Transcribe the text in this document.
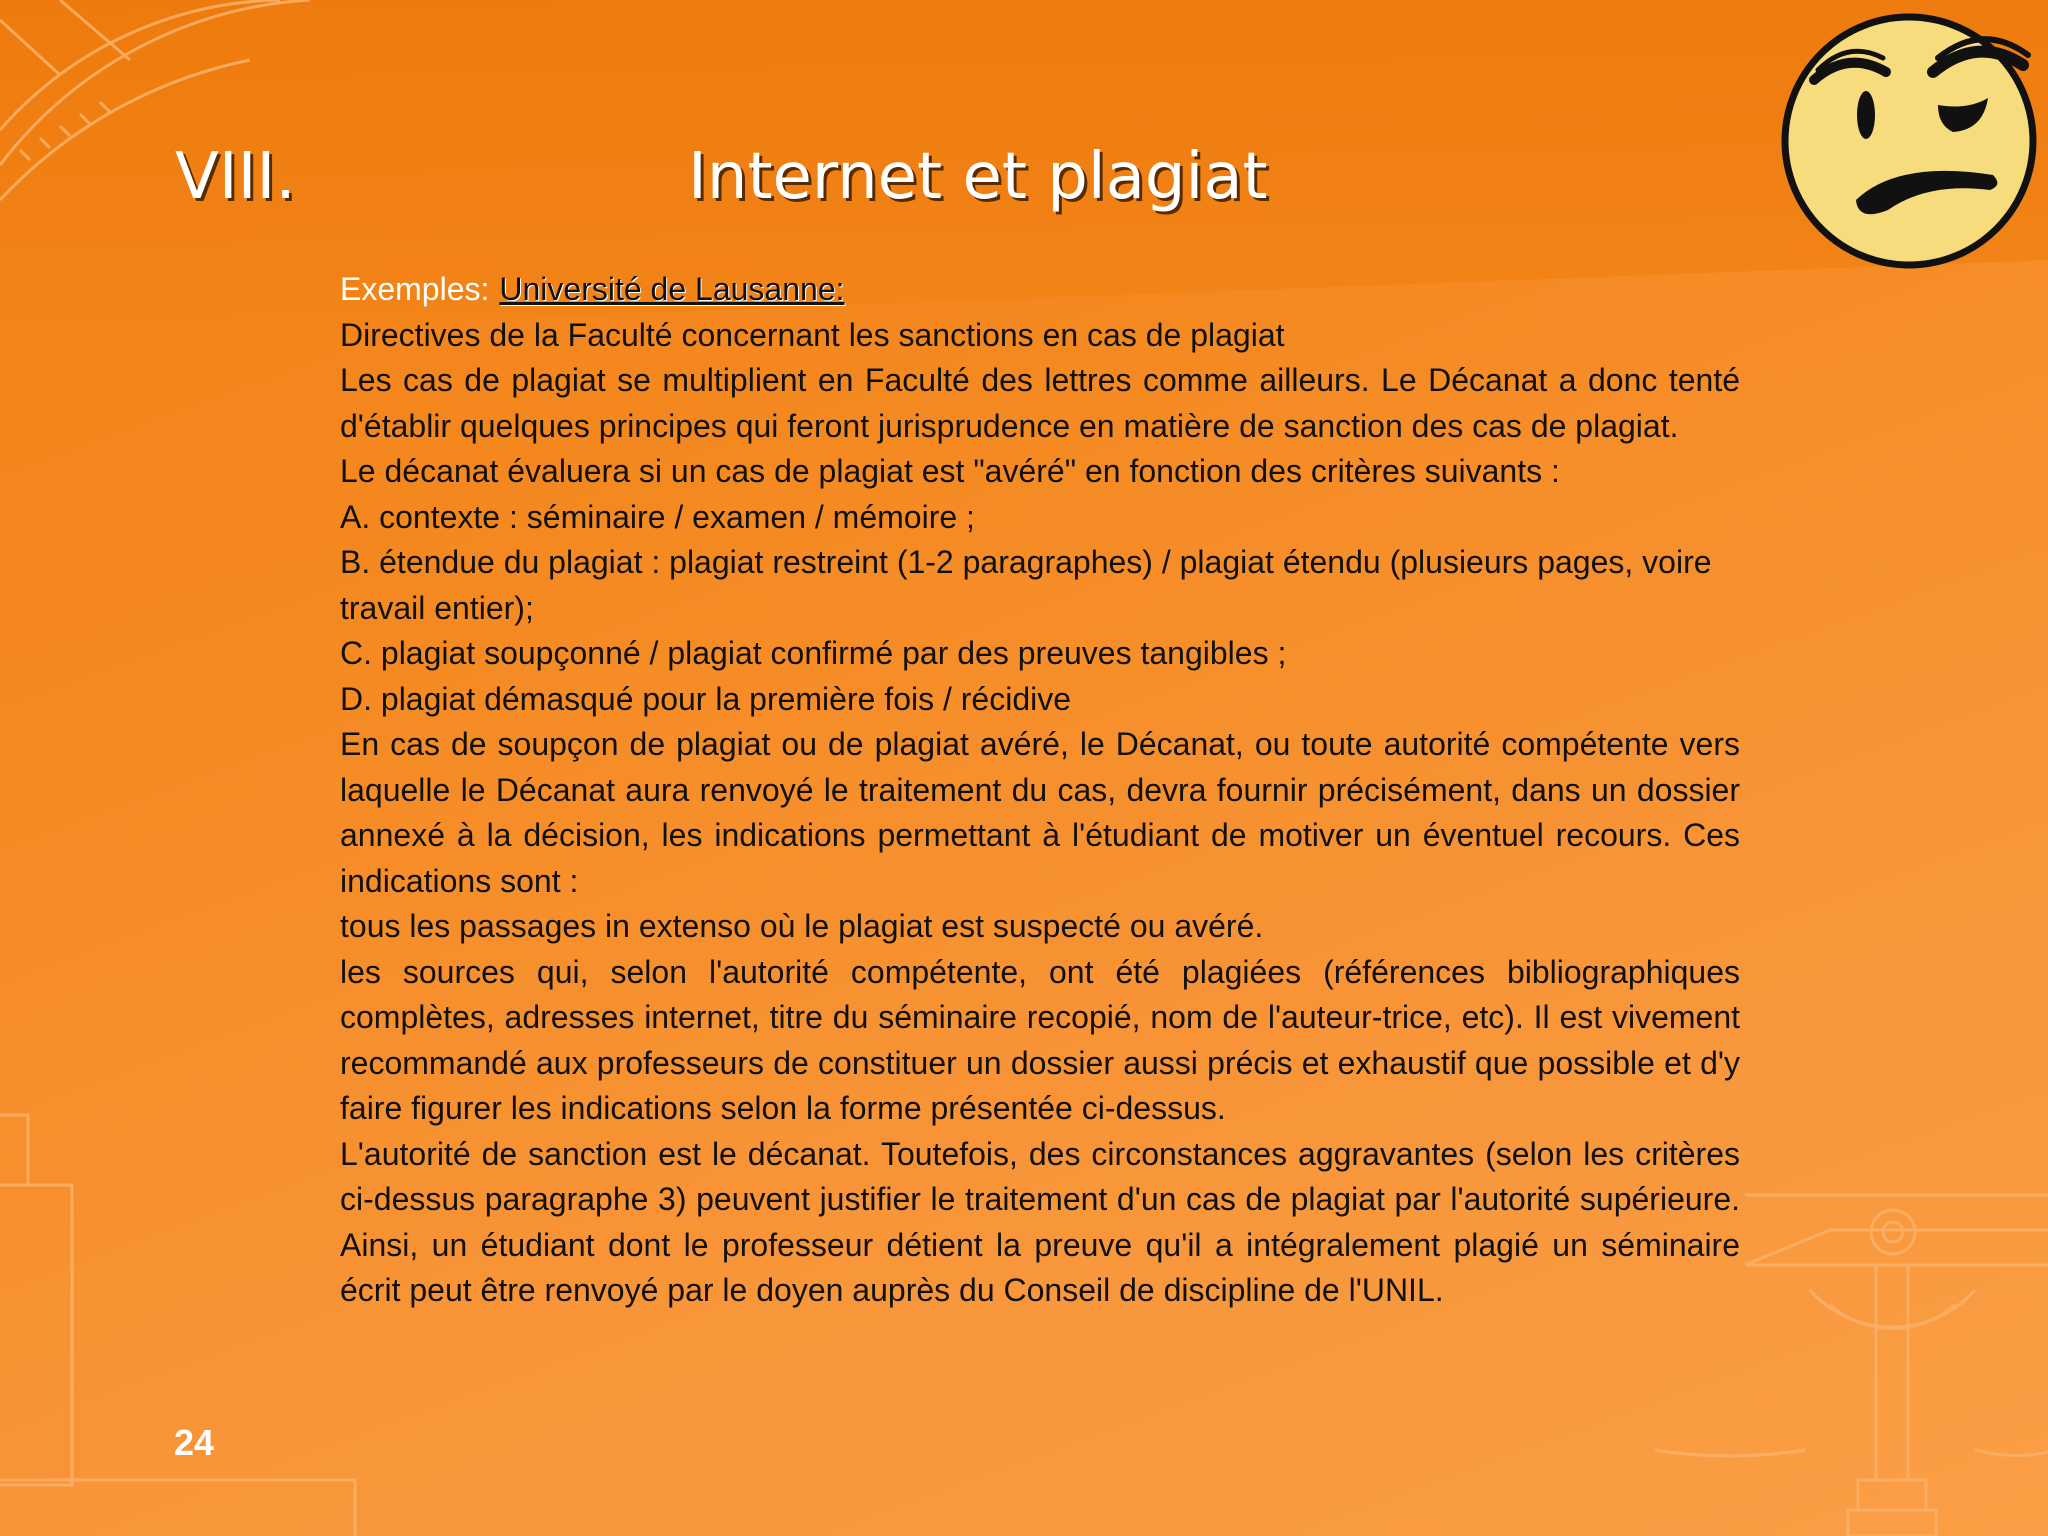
VIII.	Internet et plagiat

Exemples: Université de Lausanne:

Directives de la Faculté concernant les sanctions en cas de plagiat

Les cas de plagiat se multiplient en Faculté des lettres comme ailleurs. Le Décanat a donc tenté d'établir quelques principes qui feront jurisprudence en matière de sanction des cas de plagiat.

Le décanat évaluera si un cas de plagiat est "avéré" en fonction des critères suivants :

A. contexte : séminaire / examen / mémoire ;

B. étendue du plagiat : plagiat restreint (1-2 paragraphes) / plagiat étendu (plusieurs pages, voire travail entier);

C. plagiat soupçonné / plagiat confirmé par des preuves tangibles ;

D. plagiat démasqué pour la première fois / récidive

En cas de soupçon de plagiat ou de plagiat avéré, le Décanat, ou toute autorité compétente vers laquelle le Décanat aura renvoyé le traitement du cas, devra fournir précisément, dans un dossier annexé à la décision, les indications permettant à l'étudiant de motiver un éventuel recours. Ces indications sont :

tous les passages in extenso où le plagiat est suspecté ou avéré.

les sources qui, selon l'autorité compétente, ont été plagiées (références bibliographiques complètes, adresses internet, titre du séminaire recopié, nom de l'auteur-trice, etc). Il est vivement recommandé aux professeurs de constituer un dossier aussi précis et exhaustif que possible et d'y faire figurer les indications selon la forme présentée ci-dessus.

L'autorité de sanction est le décanat. Toutefois, des circonstances aggravantes (selon les critères ci-dessus paragraphe 3) peuvent justifier le traitement d'un cas de plagiat par l'autorité supérieure. Ainsi, un étudiant dont le professeur détient la preuve qu'il a intégralement plagié un séminaire écrit peut être renvoyé par le doyen auprès du Conseil de discipline de l'UNIL.

24
